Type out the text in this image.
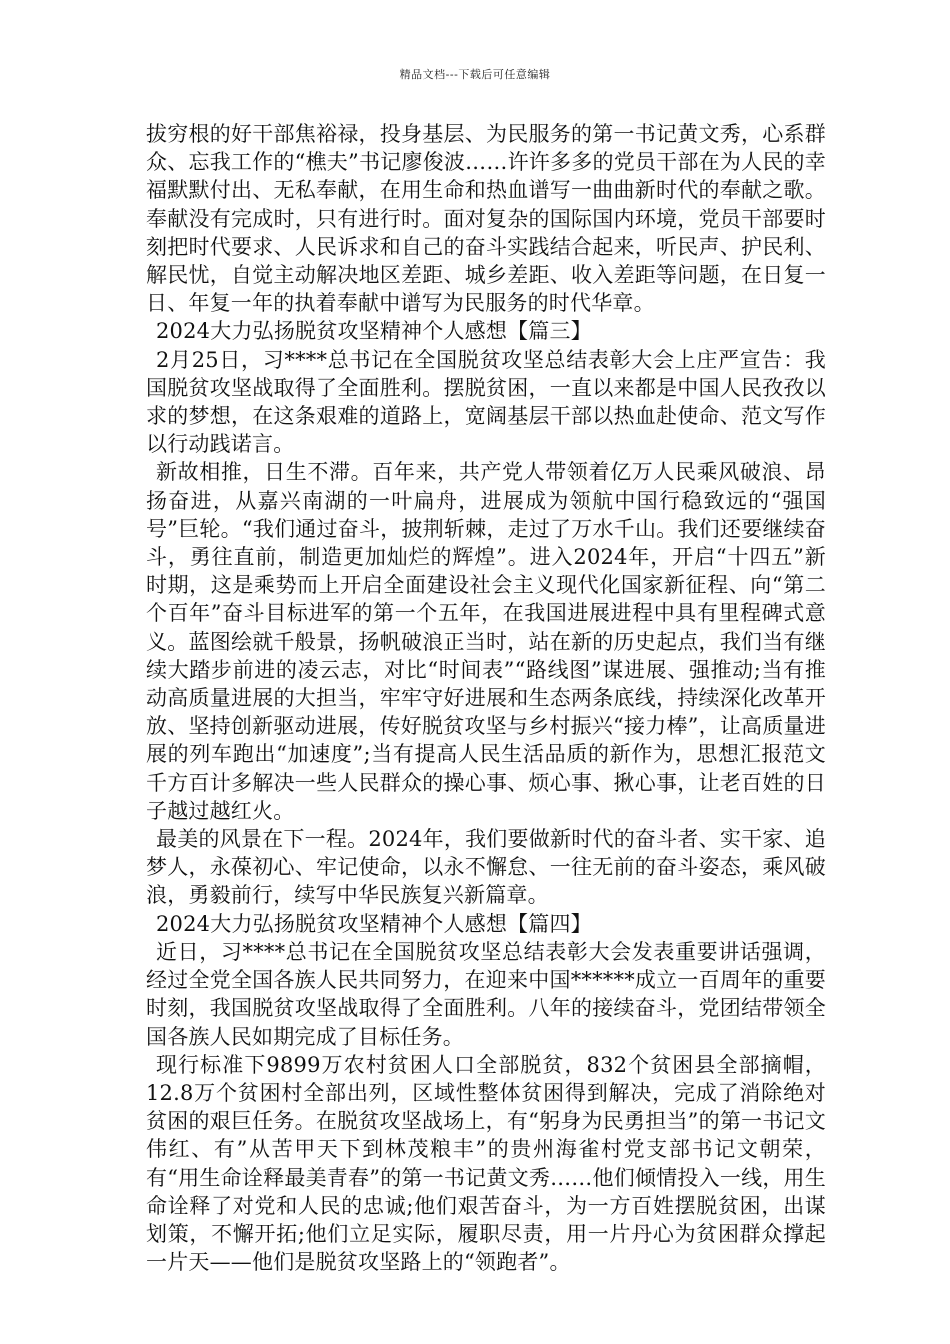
精品文档---下载后可任意编辑

拔穷根的好干部焦裕禄，投身基层、为民服务的第一书记黄文秀，心系群众、忘我工作的“樵夫”书记廖俊波……许许多多的党员干部在为人民的幸福默默付出、无私奉献，在用生命和热血谱写一曲曲新时代的奉献之歌。奉献没有完成时，只有进行时。面对复杂的国际国内环境，党员干部要时刻把时代要求、人民诉求和自己的奋斗实践结合起来，听民声、护民利、解民忧，自觉主动解决地区差距、城乡差距、收入差距等问题，在日复一日、年复一年的执着奉献中谱写为民服务的时代华章。

2024大力弘扬脱贫攻坚精神个人感想【篇三】

2月25日，习****总书记在全国脱贫攻坚总结表彰大会上庄严宣告：我国脱贫攻坚战取得了全面胜利。摆脱贫困，一直以来都是中国人民孜孜以求的梦想，在这条艰难的道路上，宽阔基层干部以热血赴使命、范文写作以行动践诺言。

新故相推，日生不滞。百年来，共产党人带领着亿万人民乘风破浪、昂扬奋进，从嘉兴南湖的一叶扁舟，进展成为领航中国行稳致远的“强国号”巨轮。“我们通过奋斗，披荆斩棘，走过了万水千山。我们还要继续奋斗，勇往直前，制造更加灿烂的辉煌”。进入2024年，开启“十四五”新时期，这是乘势而上开启全面建设社会主义现代化国家新征程、向“第二个百年”奋斗目标进军的第一个五年，在我国进展进程中具有里程碑式意义。蓝图绘就千般景，扬帆破浪正当时，站在新的历史起点，我们当有继续大踏步前进的凌云志，对比“时间表”“路线图”谋进展、强推动;当有推动高质量进展的大担当，牢牢守好进展和生态两条底线，持续深化改革开放、坚持创新驱动进展，传好脱贫攻坚与乡村振兴“接力棒”，让高质量进展的列车跑出“加速度”;当有提高人民生活品质的新作为，思想汇报范文千方百计多解决一些人民群众的操心事、烦心事、揪心事，让老百姓的日子越过越红火。

最美的风景在下一程。2024年，我们要做新时代的奋斗者、实干家、追梦人，永葆初心、牢记使命，以永不懈怠、一往无前的奋斗姿态，乘风破浪，勇毅前行，续写中华民族复兴新篇章。

2024大力弘扬脱贫攻坚精神个人感想【篇四】

近日，习****总书记在全国脱贫攻坚总结表彰大会发表重要讲话强调，经过全党全国各族人民共同努力，在迎来中国******成立一百周年的重要时刻，我国脱贫攻坚战取得了全面胜利。八年的接续奋斗，党团结带领全国各族人民如期完成了目标任务。

现行标准下9899万农村贫困人口全部脱贫，832个贫困县全部摘帽，12.8万个贫困村全部出列，区域性整体贫困得到解决，完成了消除绝对贫困的艰巨任务。在脱贫攻坚战场上，有“躬身为民勇担当”的第一书记文伟红、有”从苦甲天下到林茂粮丰”的贵州海雀村党支部书记文朝荣，有“用生命诠释最美青春”的第一书记黄文秀……他们倾情投入一线，用生命诠释了对党和人民的忠诚;他们艰苦奋斗，为一方百姓摆脱贫困，出谋划策，不懈开拓;他们立足实际，履职尽责，用一片丹心为贫困群众撑起一片天——他们是脱贫攻坚路上的“领跑者”。
